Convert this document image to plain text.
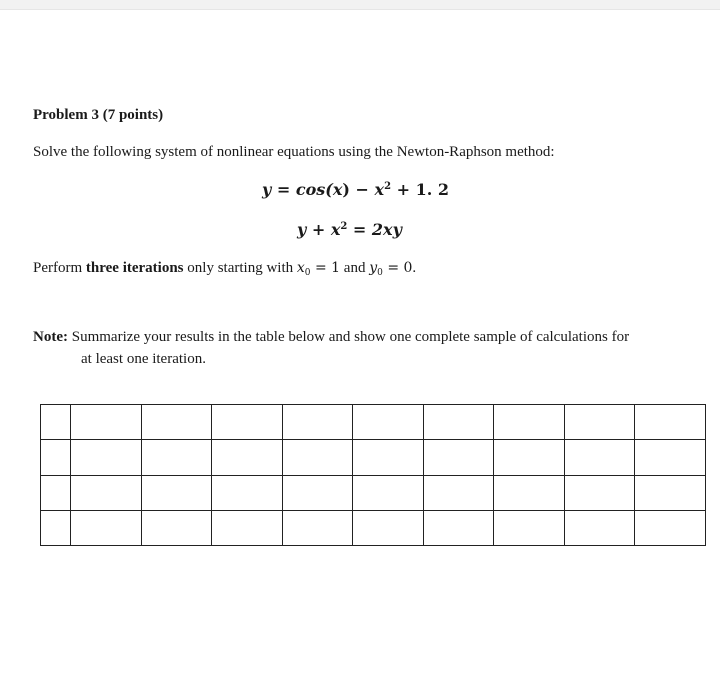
Problem 3 (7 points)
Solve the following system of nonlinear equations using the Newton-Raphson method:
$y = \cos(x) - x^2 + 1$. 2
$y + x^2 = 2xy$
Perform three iterations only starting with $x_0 = 1$ and $y_0 = 0$.
Note: Summarize your results in the table below and show one complete sample of calculations for
at least one iteration.
